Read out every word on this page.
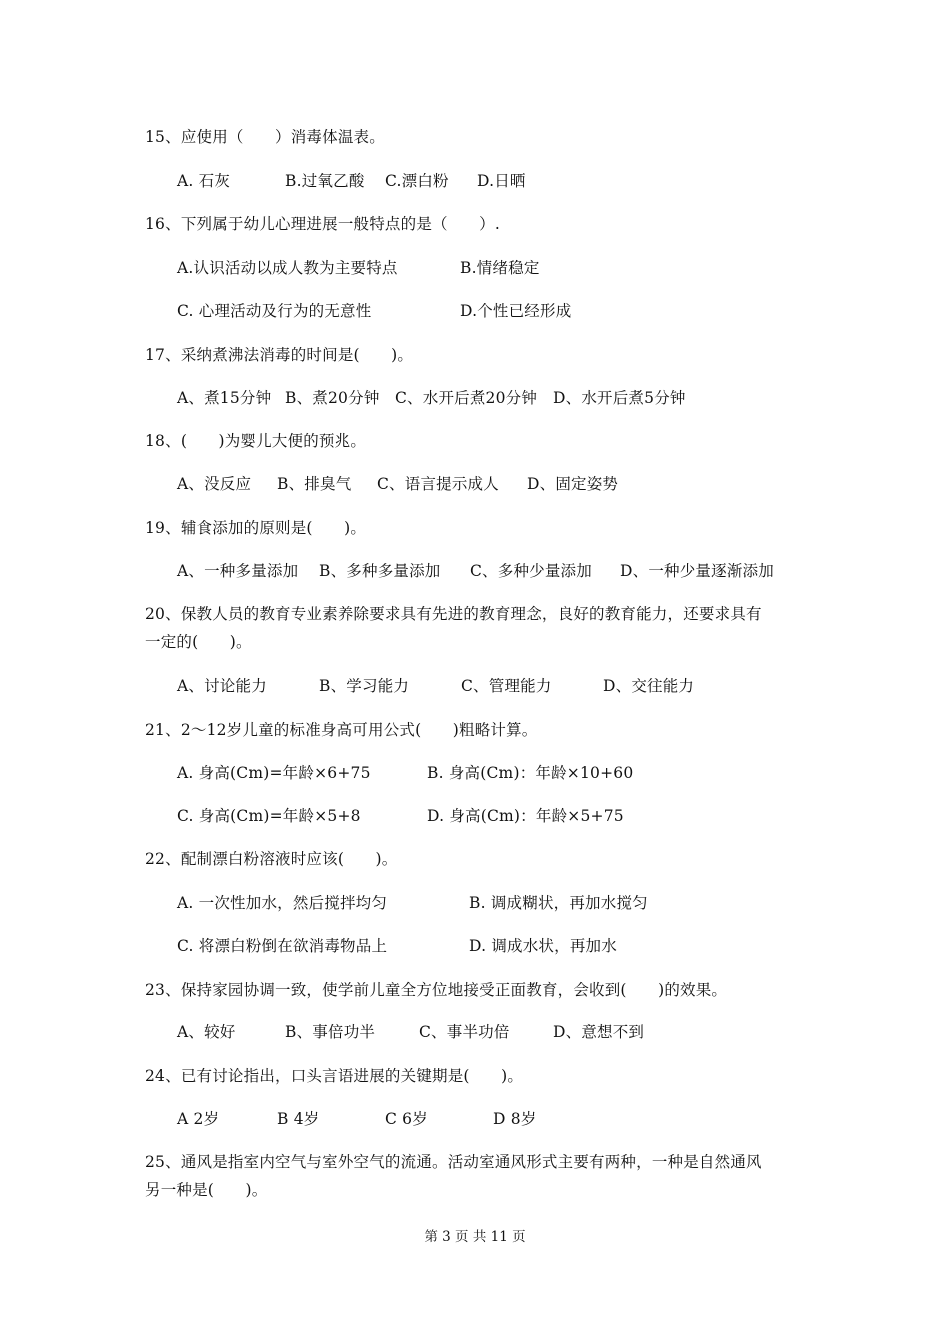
15、应使用（　　）消毒体温表。
A. 石灰	B.过氧乙酸 C.漂白粉 D.日晒
16、下列属于幼儿心理进展一般特点的是（　　）.
A.认识活动以成人教为主要特点	B.情绪稳定
C. 心理活动及行为的无意性	D.个性已经形成
17、采纳煮沸法消毒的时间是(　　)。
A、煮15分钟 B、煮20分钟 C、水开后煮20分钟 D、水开后煮5分钟
18、(　　)为婴儿大便的预兆。
A、没反应 B、排臭气 C、语言提示成人 D、固定姿势
19、辅食添加的原则是(　　)。
A、一种多量添加 B、多种多量添加 C、多种少量添加 D、一种少量逐渐添加
20、保教人员的教育专业素养除要求具有先进的教育理念，良好的教育能力，还要求具有
一定的(　　)。
A、讨论能力	B、学习能力	C、管理能力	D、交往能力
21、2～12岁儿童的标准身高可用公式(　　)粗略计算。
A. 身高(Cm)=年龄×6+75	B. 身高(Cm)：年龄×10+60
C. 身高(Cm)=年龄×5+8	D. 身高(Cm)：年龄×5+75
22、配制漂白粉溶液时应该(　　)。
A. 一次性加水，然后搅拌均匀	B. 调成糊状，再加水搅匀
C. 将漂白粉倒在欲消毒物品上	D. 调成水状，再加水
23、保持家园协调一致，使学前儿童全方位地接受正面教育，会收到(　　)的效果。
A、较好	B、事倍功半	C、事半功倍	D、意想不到
24、已有讨论指出，口头言语进展的关键期是(　　)。
A 2岁	B 4岁	C 6岁	D 8岁
25、通风是指室内空气与室外空气的流通。活动室通风形式主要有两种，一种是自然通风
另一种是(　　)。
第 3 页 共 11 页
